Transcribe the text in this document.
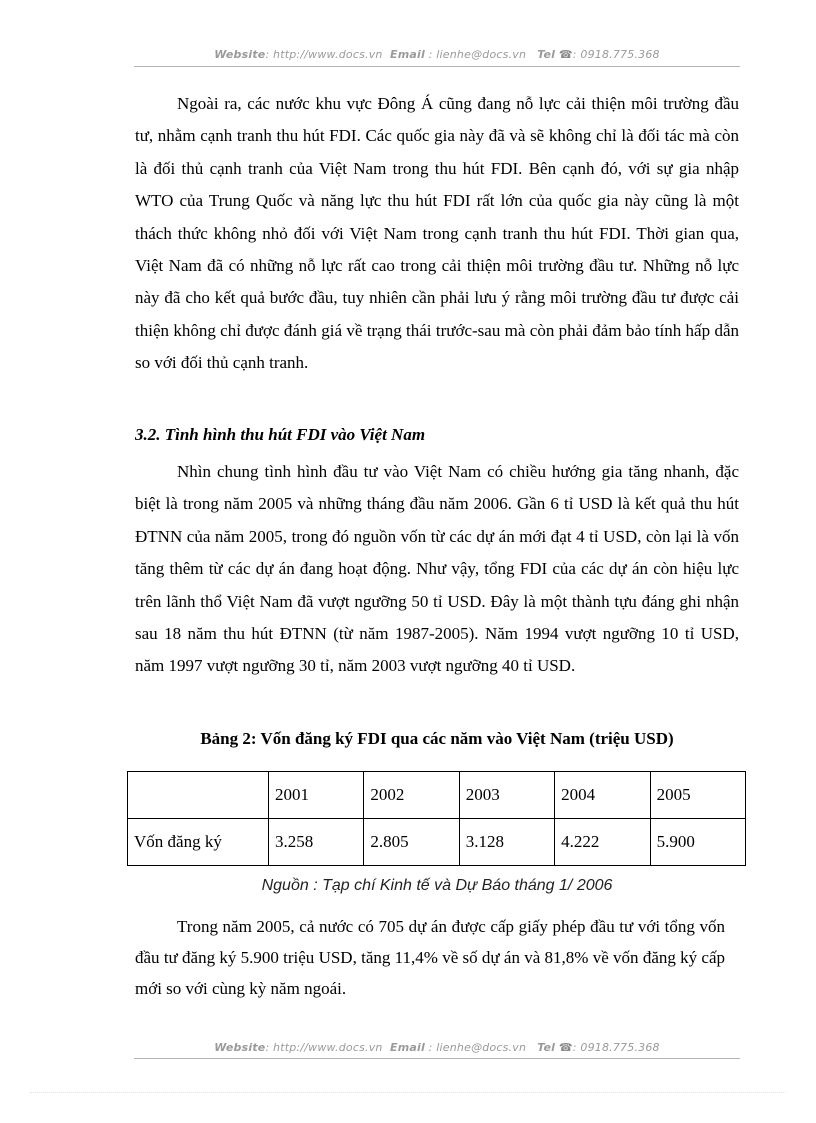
Website: http://www.docs.vn Email : lienhe@docs.vn Tel ☎: 0918.775.368

Ngoài ra, các nước khu vực Đông Á cũng đang nỗ lực cải thiện môi trường đầu tư, nhằm cạnh tranh thu hút FDI. Các quốc gia này đã và sẽ không chỉ là đối tác mà còn là đối thủ cạnh tranh của Việt Nam trong thu hút FDI. Bên cạnh đó, với sự gia nhập WTO của Trung Quốc và năng lực thu hút FDI rất lớn của quốc gia này cũng là một thách thức không nhỏ đối với Việt Nam trong cạnh tranh thu hút FDI. Thời gian qua, Việt Nam đã có những nỗ lực rất cao trong cải thiện môi trường đầu tư. Những nỗ lực này đã cho kết quả bước đầu, tuy nhiên cần phải lưu ý rằng môi trường đầu tư được cải thiện không chỉ được đánh giá về trạng thái trước-sau mà còn phải đảm bảo tính hấp dẫn so với đối thủ cạnh tranh.

3.2. Tình hình thu hút FDI vào Việt Nam

Nhìn chung tình hình đầu tư vào Việt Nam có chiều hướng gia tăng nhanh, đặc biệt là trong năm 2005 và những tháng đầu năm 2006. Gần 6 tỉ USD là kết quả thu hút ĐTNN của năm 2005, trong đó nguồn vốn từ các dự án mới đạt 4 tỉ USD, còn lại là vốn tăng thêm từ các dự án đang hoạt động. Như vậy, tổng FDI của các dự án còn hiệu lực trên lãnh thổ Việt Nam đã vượt ngưỡng 50 tỉ USD. Đây là một thành tựu đáng ghi nhận sau 18 năm thu hút ĐTNN (từ năm 1987-2005). Năm 1994 vượt ngưỡng 10 tỉ USD, năm 1997 vượt ngưỡng 30 tỉ, năm 2003 vượt ngưỡng 40 tỉ USD.

Bảng 2: Vốn đăng ký FDI qua các năm vào Việt Nam (triệu USD)

	2001	2002	2003	2004	2005
Vốn đăng ký	3.258	2.805	3.128	4.222	5.900

Nguồn : Tạp chí Kinh tế và Dự Báo tháng 1/ 2006

Trong năm 2005, cả nước có 705 dự án được cấp giấy phép đầu tư với tổng vốn đầu tư đăng ký 5.900 triệu USD, tăng 11,4% về số dự án và 81,8% về vốn đăng ký cấp mới so với cùng kỳ năm ngoái.

Website: http://www.docs.vn Email : lienhe@docs.vn Tel ☎: 0918.775.368
